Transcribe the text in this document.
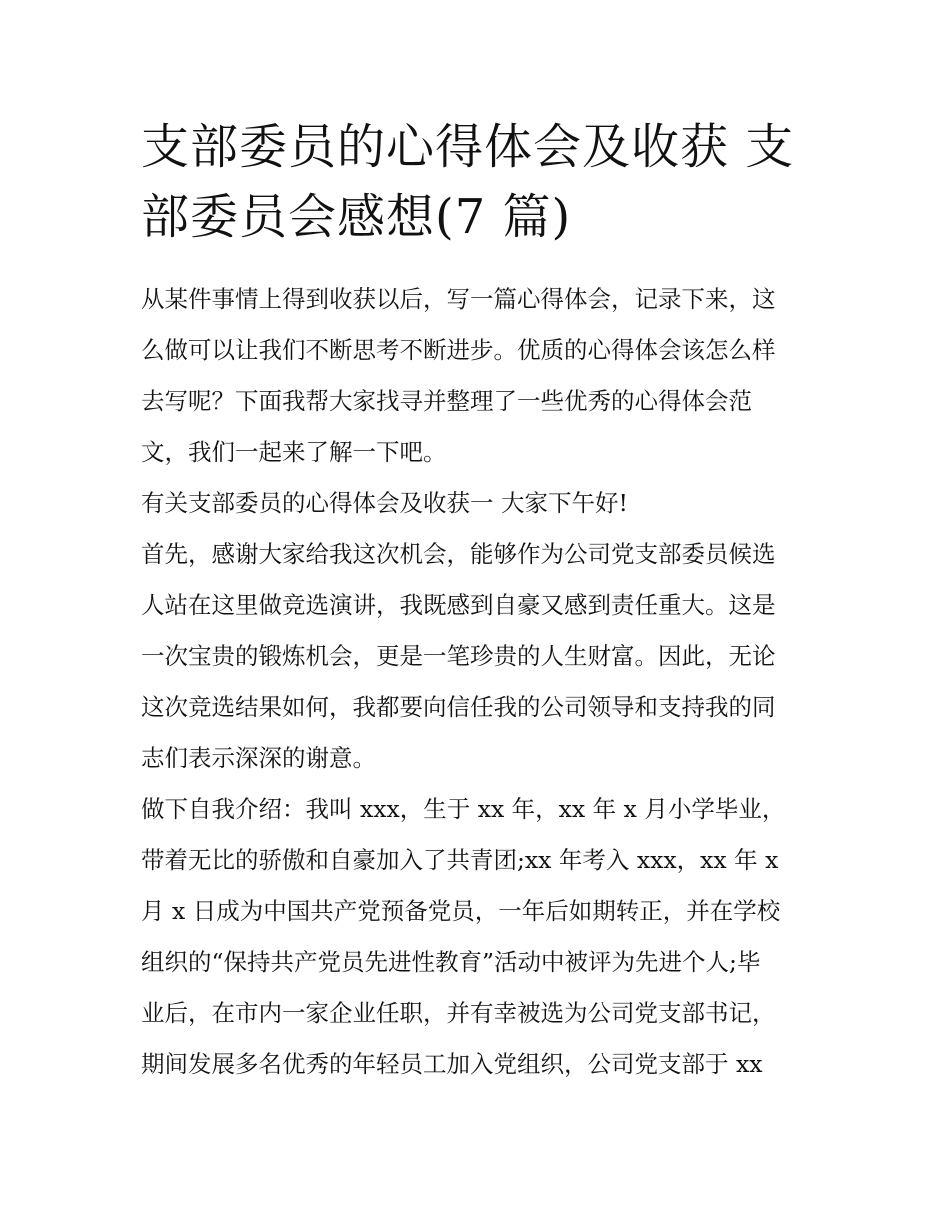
支部委员的心得体会及收获 支
部委员会感想(7 篇)

从某件事情上得到收获以后，写一篇心得体会，记录下来，这
么做可以让我们不断思考不断进步。优质的心得体会该怎么样
去写呢？下面我帮大家找寻并整理了一些优秀的心得体会范
文，我们一起来了解一下吧。

有关支部委员的心得体会及收获一 大家下午好!

首先，感谢大家给我这次机会，能够作为公司党支部委员候选
人站在这里做竞选演讲，我既感到自豪又感到责任重大。这是
一次宝贵的锻炼机会，更是一笔珍贵的人生财富。因此，无论
这次竞选结果如何，我都要向信任我的公司领导和支持我的同
志们表示深深的谢意。

做下自我介绍：我叫 xxx，生于 xx 年，xx 年 x 月小学毕业，
带着无比的骄傲和自豪加入了共青团;xx 年考入 xxx，xx 年 x
月 x 日成为中国共产党预备党员，一年后如期转正，并在学校
组织的“保持共产党员先进性教育”活动中被评为先进个人;毕
业后，在市内一家企业任职，并有幸被选为公司党支部书记，
期间发展多名优秀的年轻员工加入党组织，公司党支部于 xx
